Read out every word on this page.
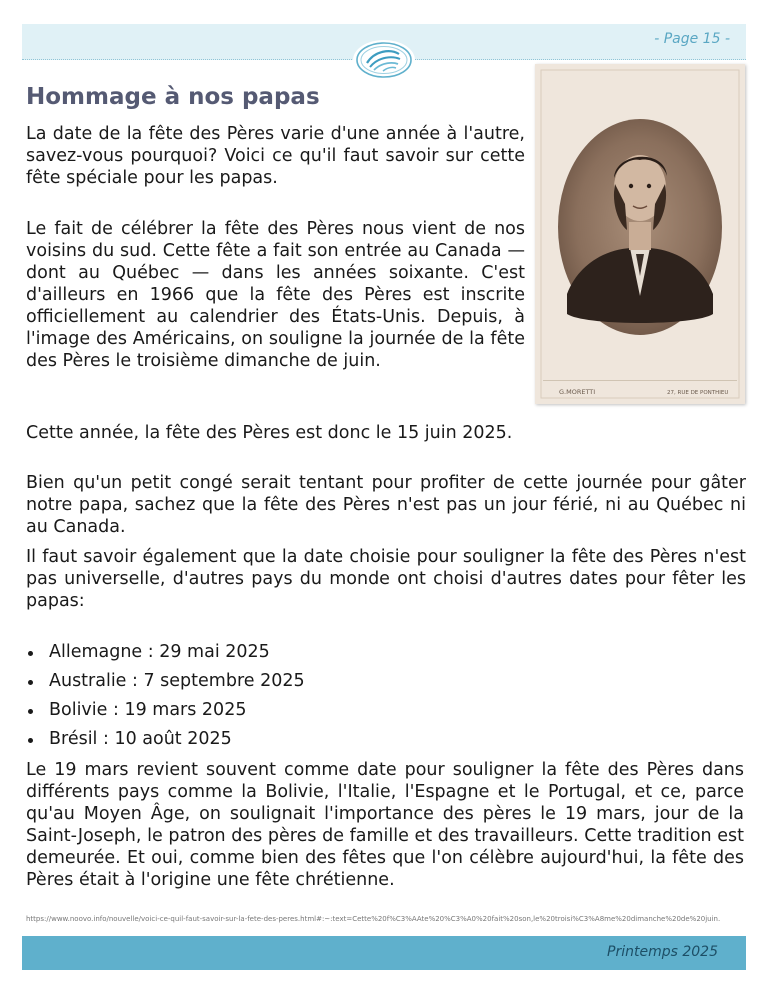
- Page 15 -
Hommage à nos papas

La date de la fête des Pères varie d'une année à l'autre, savez-vous pourquoi? Voici ce qu'il faut savoir sur cette fête spéciale pour les papas.

Le fait de célébrer la fête des Pères nous vient de nos voisins du sud. Cette fête a fait son entrée au Canada — dont au Québec — dans les années soixante. C'est d'ailleurs en 1966 que la fête des Pères est inscrite officiellement au calendrier des États-Unis. Depuis, à l'image des Américains, on souligne la journée de la fête des Pères le troisième dimanche de juin.

Cette année, la fête des Pères est donc le 15 juin 2025.

Bien qu'un petit congé serait tentant pour profiter de cette journée pour gâter notre papa, sachez que la fête des Pères n'est pas un jour férié, ni au Québec ni au Canada.

Il faut savoir également que la date choisie pour souligner la fête des Pères n'est pas universelle, d'autres pays du monde ont choisi d'autres dates pour fêter les papas:

G.MORETTI	27, RUE DE PONTHIEU
Allemagne : 29 mai 2025
Australie : 7 septembre 2025
Bolivie : 19 mars 2025
Brésil : 10 août 2025

Le 19 mars revient souvent comme date pour souligner la fête des Pères dans différents pays comme la Bolivie, l'Italie, l'Espagne et le Portugal, et ce, parce qu'au Moyen Âge, on soulignait l'importance des pères le 19 mars, jour de la Saint-Joseph, le patron des pères de famille et des travailleurs. Cette tradition est demeurée. Et oui, comme bien des fêtes que l'on célèbre aujourd'hui, la fête des Pères était à l'origine une fête chrétienne.

https://www.noovo.info/nouvelle/voici-ce-quil-faut-savoir-sur-la-fete-des-peres.html#:~:text=Cette%20f%C3%AAte%20%C3%A0%20fait%20son,le%20troisi%C3%A8me%20dimanche%20de%20juin.

Printemps 2025
